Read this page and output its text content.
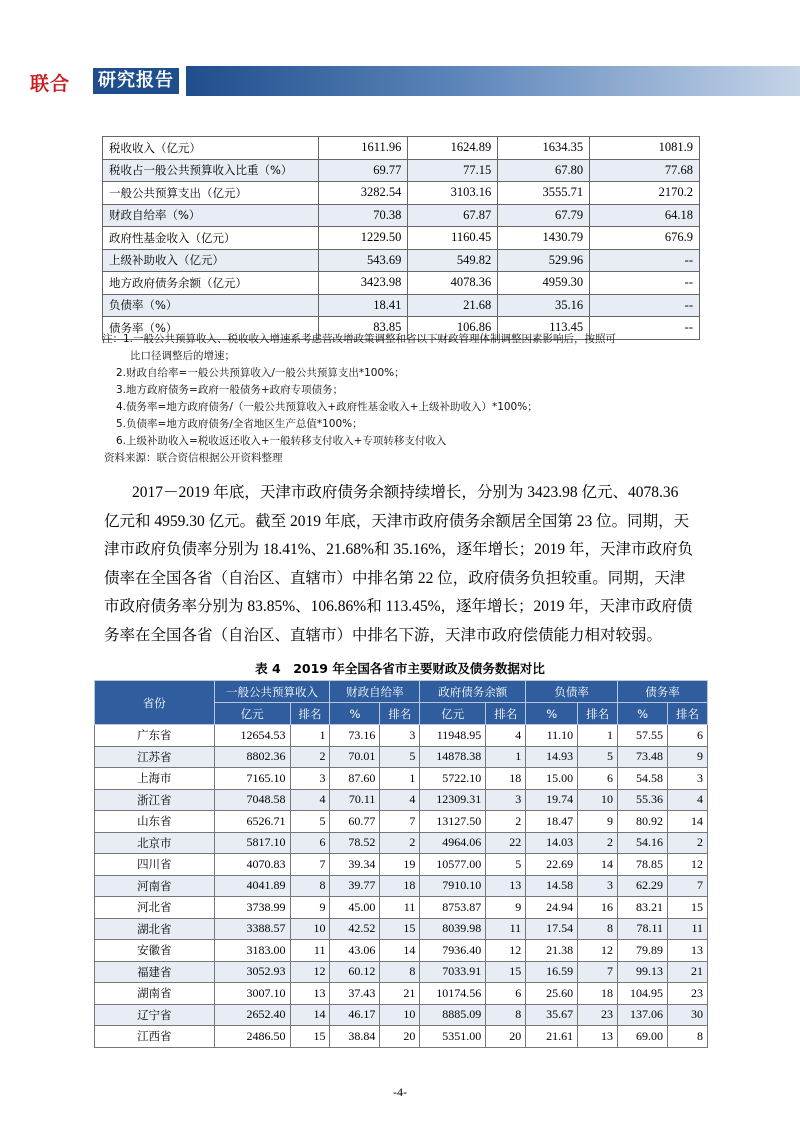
联合 研究报告
税收收入（亿元）	1611.96	1624.89	1634.35	1081.9
税收占一般公共预算收入比重（%）	69.77	77.15	67.80	77.68
一般公共预算支出（亿元）	3282.54	3103.16	3555.71	2170.2
财政自给率（%）	70.38	67.87	67.79	64.18
政府性基金收入（亿元）	1229.50	1160.45	1430.79	676.9
上级补助收入（亿元）	543.69	549.82	529.96	--
地方政府债务余额（亿元）	3423.98	4078.36	4959.30	--
负债率（%）	18.41	21.68	35.16	--
债务率（%）	83.85	106.86	113.45	--
注：1.一般公共预算收入、税收收入增速系考虑营改增政策调整和省以下财政管理体制调整因素影响后，按照可
比口径调整后的增速；
2.财政自给率=一般公共预算收入/一般公共预算支出*100%；
3.地方政府债务=政府一般债务+政府专项债务；
4.债务率=地方政府债务/（一般公共预算收入+政府性基金收入+上级补助收入）*100%；
5.负债率=地方政府债务/全省地区生产总值*100%；
6.上级补助收入=税收返还收入+一般转移支付收入+专项转移支付收入
资料来源：联合资信根据公开资料整理
2017－2019 年底，天津市政府债务余额持续增长，分别为 3423.98 亿元、4078.36
亿元和 4959.30 亿元。截至 2019 年底，天津市政府债务余额居全国第 23 位。同期，天
津市政府负债率分别为 18.41%、21.68%和 35.16%，逐年增长；2019 年，天津市政府负
债率在全国各省（自治区、直辖市）中排名第 22 位，政府债务负担较重。同期，天津
市政府债务率分别为 83.85%、106.86%和 113.45%，逐年增长；2019 年，天津市政府债
务率在全国各省（自治区、直辖市）中排名下游，天津市政府偿债能力相对较弱。
表 4　2019 年全国各省市主要财政及债务数据对比
省份	一般公共预算收入		财政自给率		政府债务余额		负债率		债务率	
	亿元	排名	%	排名	亿元	排名	%	排名	%	排名
广东省	12654.53	1	73.16	3	11948.95	4	11.10	1	57.55	6
江苏省	8802.36	2	70.01	5	14878.38	1	14.93	5	73.48	9
上海市	7165.10	3	87.60	1	5722.10	18	15.00	6	54.58	3
浙江省	7048.58	4	70.11	4	12309.31	3	19.74	10	55.36	4
山东省	6526.71	5	60.77	7	13127.50	2	18.47	9	80.92	14
北京市	5817.10	6	78.52	2	4964.06	22	14.03	2	54.16	2
四川省	4070.83	7	39.34	19	10577.00	5	22.69	14	78.85	12
河南省	4041.89	8	39.77	18	7910.10	13	14.58	3	62.29	7
河北省	3738.99	9	45.00	11	8753.87	9	24.94	16	83.21	15
湖北省	3388.57	10	42.52	15	8039.98	11	17.54	8	78.11	11
安徽省	3183.00	11	43.06	14	7936.40	12	21.38	12	79.89	13
福建省	3052.93	12	60.12	8	7033.91	15	16.59	7	99.13	21
湖南省	3007.10	13	37.43	21	10174.56	6	25.60	18	104.95	23
辽宁省	2652.40	14	46.17	10	8885.09	8	35.67	23	137.06	30
江西省	2486.50	15	38.84	20	5351.00	20	21.61	13	69.00	8
-4-
